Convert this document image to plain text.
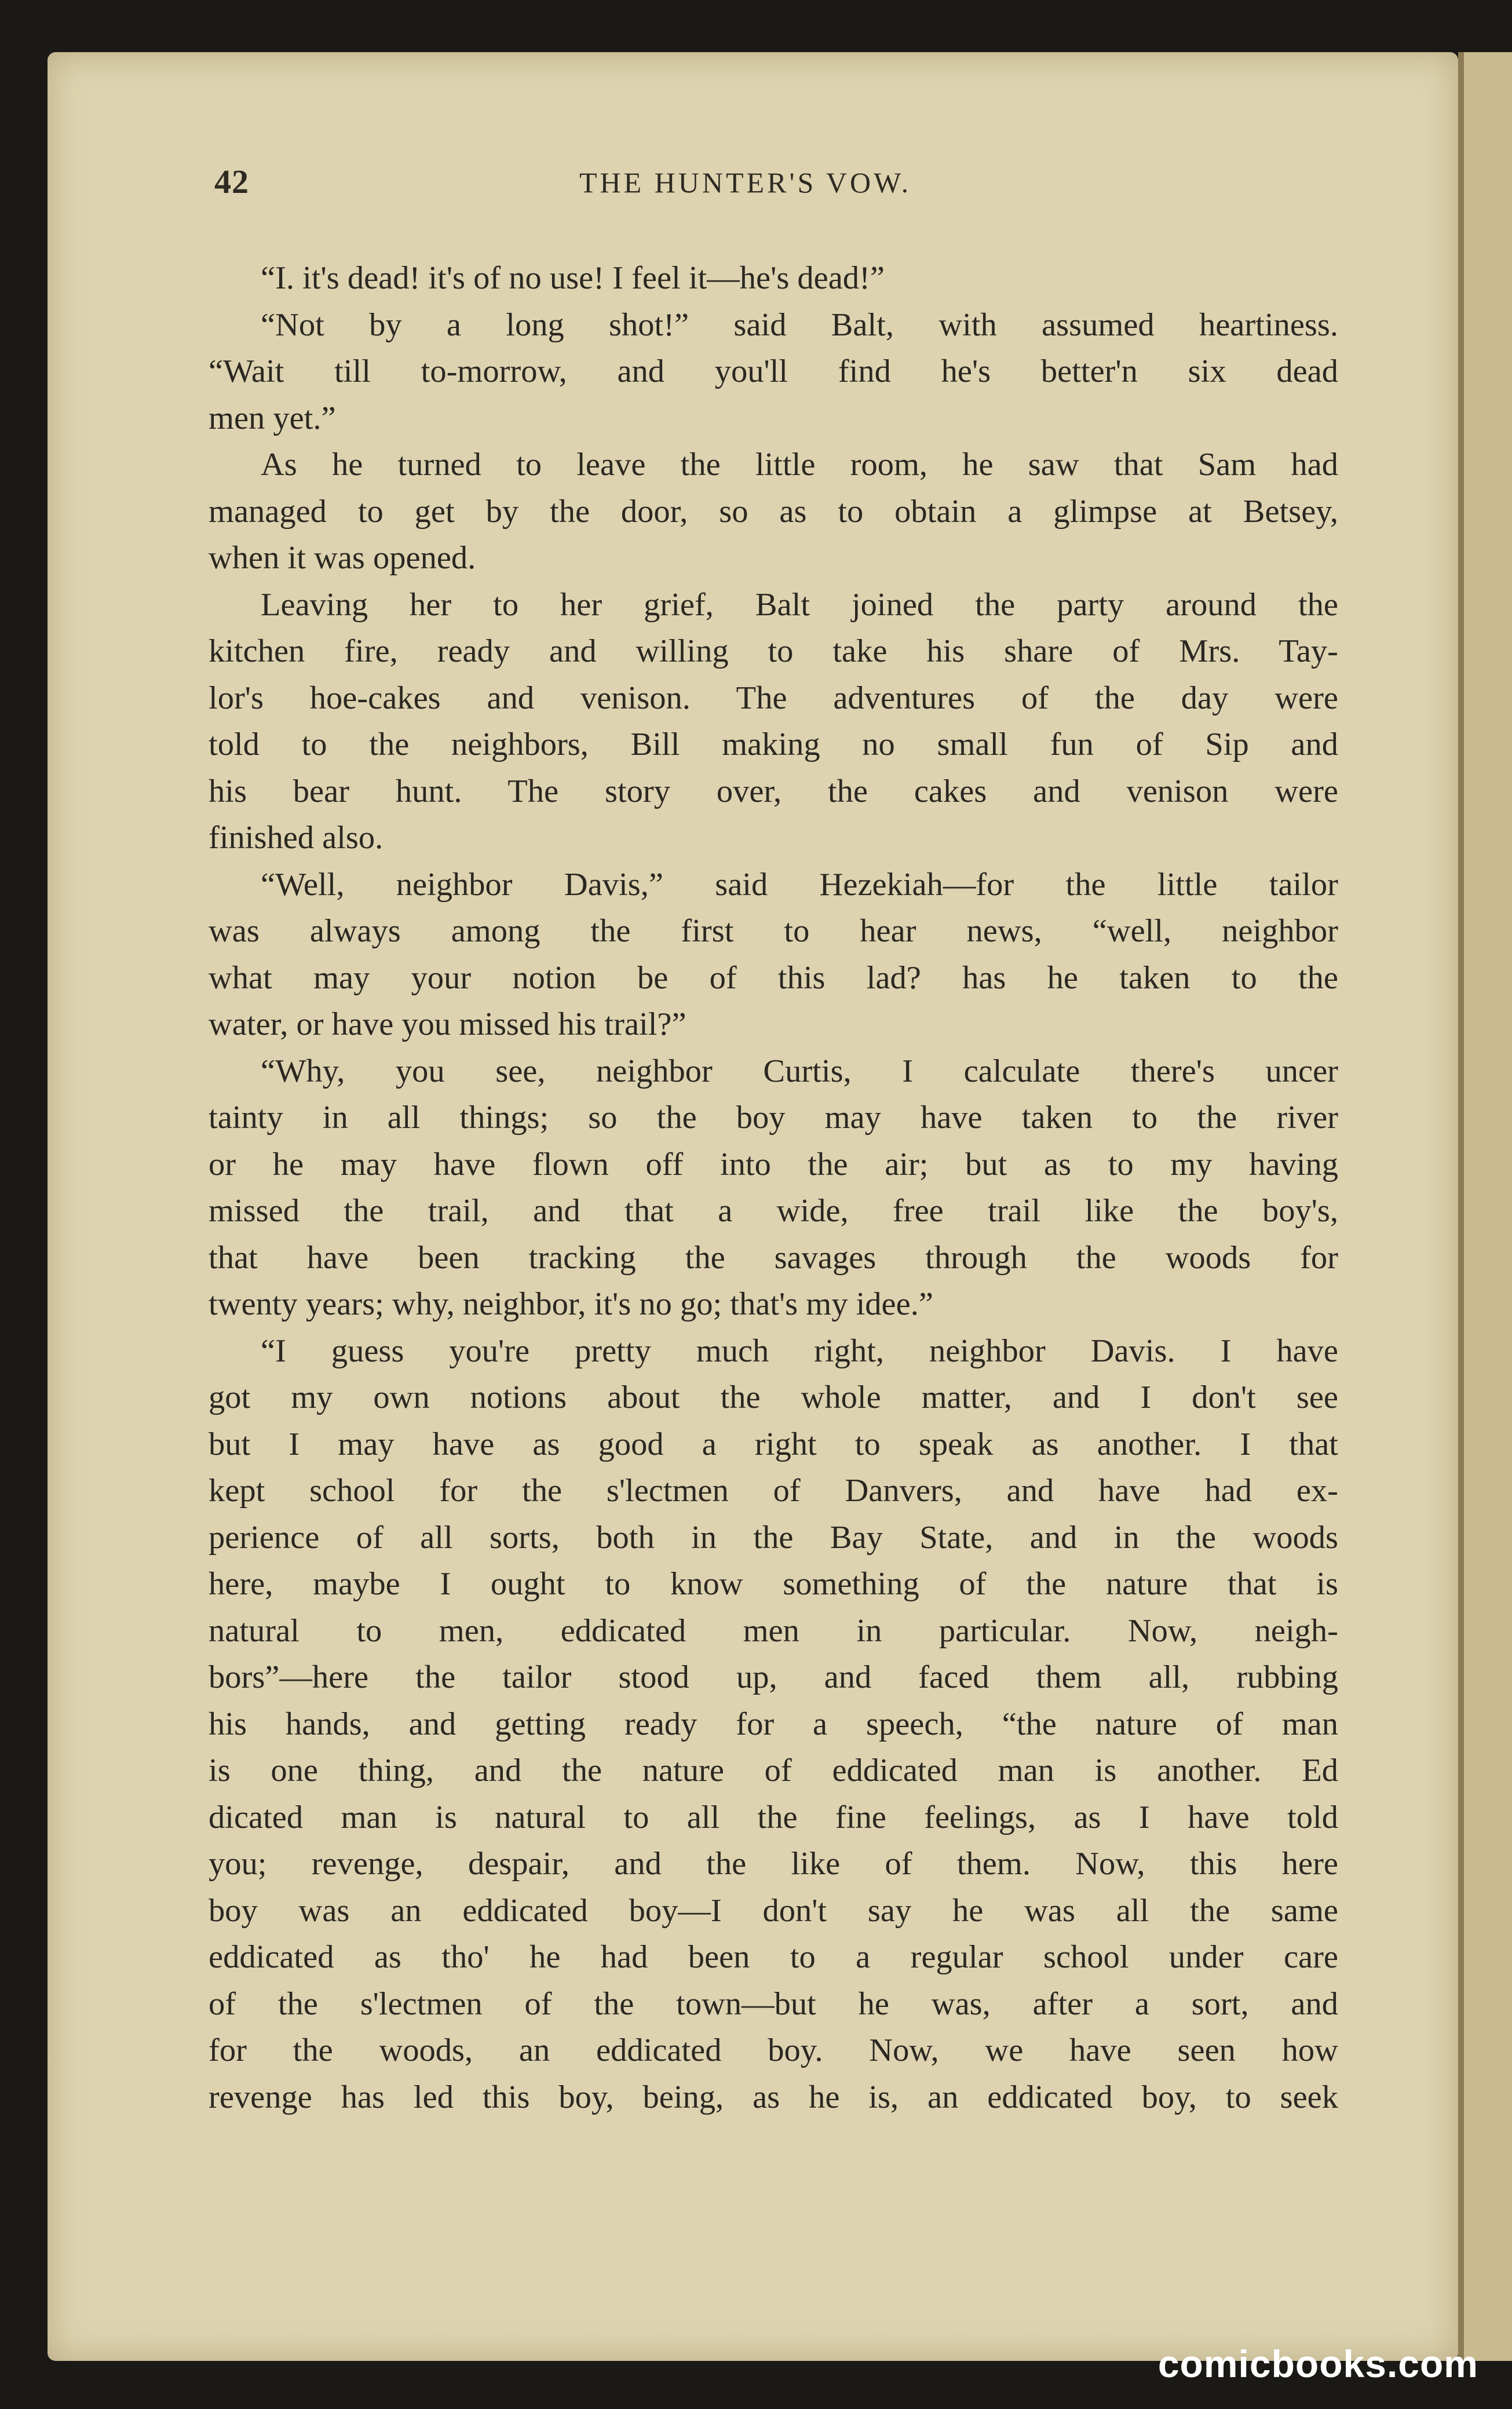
42	THE HUNTER'S VOW.
“I. it's dead! it's of no use! I feel it—he's dead!”
“Not by a long shot!” said Balt, with assumed heartiness.
“Wait till to-morrow, and you'll find he's better'n six dead
men yet.”
As he turned to leave the little room, he saw that Sam had
managed to get by the door, so as to obtain a glimpse at Betsey,
when it was opened.
Leaving her to her grief, Balt joined the party around the
kitchen fire, ready and willing to take his share of Mrs. Tay-
lor's hoe-cakes and venison. The adventures of the day were
told to the neighbors, Bill making no small fun of Sip and
his bear hunt. The story over, the cakes and venison were
finished also.
“Well, neighbor Davis,” said Hezekiah—for the little tailor
was always among the first to hear news, “well, neighbor
what may your notion be of this lad? has he taken to the
water, or have you missed his trail?”
“Why, you see, neighbor Curtis, I calculate there's uncer
tainty in all things; so the boy may have taken to the river
or he may have flown off into the air; but as to my having
missed the trail, and that a wide, free trail like the boy's,
that have been tracking the savages through the woods for
twenty years; why, neighbor, it's no go; that's my idee.”
“I guess you're pretty much right, neighbor Davis. I have
got my own notions about the whole matter, and I don't see
but I may have as good a right to speak as another. I that
kept school for the s'lectmen of Danvers, and have had ex-
perience of all sorts, both in the Bay State, and in the woods
here, maybe I ought to know something of the nature that is
natural to men, eddicated men in particular. Now, neigh-
bors”—here the tailor stood up, and faced them all, rubbing
his hands, and getting ready for a speech, “the nature of man
is one thing, and the nature of eddicated man is another. Ed
dicated man is natural to all the fine feelings, as I have told
you; revenge, despair, and the like of them. Now, this here
boy was an eddicated boy—I don't say he was all the same
eddicated as tho' he had been to a regular school under care
of the s'lectmen of the town—but he was, after a sort, and
for the woods, an eddicated boy. Now, we have seen how
revenge has led this boy, being, as he is, an eddicated boy, to seek
comicbooks.com
